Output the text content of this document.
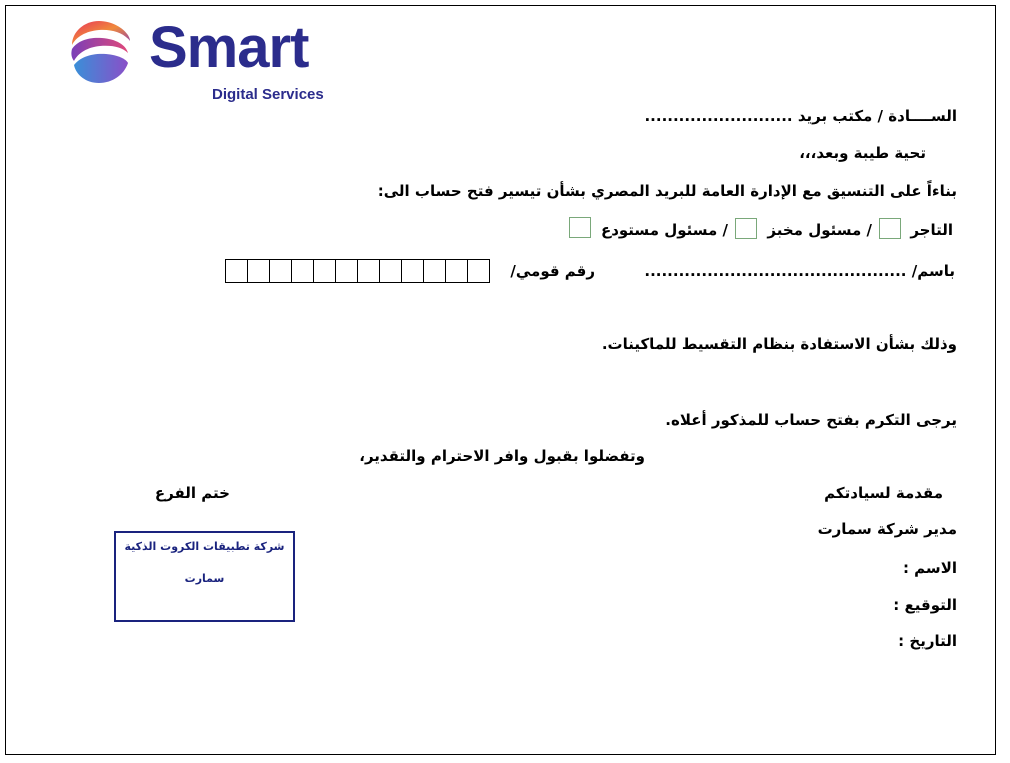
Smart
Digital Services
الســــادة / مكتب بريد ..........................
تحية طيبة وبعد،،،
بناءاً على التنسيق مع الإدارة العامة للبريد المصري بشأن تيسير فتح حساب الى:
التاجر
/ مسئول مخبز
/ مسئول مستودع
باسم/ ..............................................
رقم قومي/
وذلك بشأن الاستفادة بنظام التقسيط للماكينات.
يرجى التكرم بفتح حساب للمذكور أعلاه.
وتفضلوا بقبول وافر الاحترام والتقدير،
مقدمة لسيادتكم
مدير شركة سمارت
الاسم :
التوقيع :
التاريخ :
ختم الفرع
شركة تطبيقات الكروت الذكية
سمارت
